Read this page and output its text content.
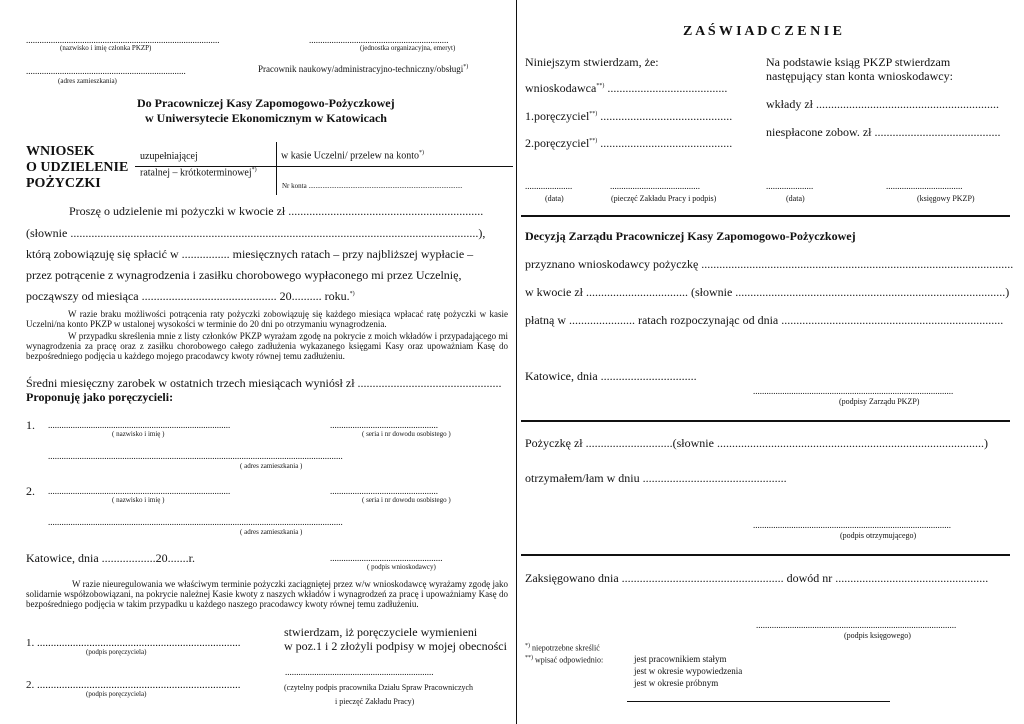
......................................................................................
(nazwisko i imię członka PKZP)
..............................................................
(jednostka organizacyjna, emeryt)
.......................................................................
(adres zamieszkania)
Pracownik naukowy/administracyjno-techniczny/obsługi*)
Do Pracowniczej Kasy Zapomogowo-Pożyczkowej
w Uniwersytecie Ekonomicznym w Katowicach
WNIOSEK
O UDZIELENIE
POŻYCZKI
uzupełniającej
ratalnej – krótkoterminowej*)
w kasie Uczelni/ przelew na konto*)
Nr konta ........................................................................................
Proszę o udzielenie mi pożyczki w kwocie zł .................................................................
(słownie ........................................................................................................................................),
którą zobowiązuję się spłacić w ................ miesięcznych ratach – przy najbliższej wypłacie –
przez potrącenie z wynagrodzenia i zasiłku chorobowego wypłaconego mi przez Uczelnię,
począwszy od miesiąca ............................................. 20.......... roku.*)
W razie braku możliwości potrącenia raty pożyczki zobowiązuję się każdego miesiąca wpłacać ratę pożyczki w kasie Uczelni/na konto PKZP w ustalonej wysokości w terminie do 20 dni po otrzymaniu wynagrodzenia.
W przypadku skreślenia mnie z listy członków PKZP wyrażam zgodę na pokrycie z moich wkładów i przypadającego mi wynagrodzenia za pracę oraz z zasiłku chorobowego całego zadłużenia wykazanego księgami Kasy oraz upoważniam Kasę do bezpośredniego podjęcia u każdego mojego pracodawcy kwoty równej temu zadłużeniu.
Średni miesięczny zarobek w ostatnich trzech miesiącach wyniósł zł ................................................
Proponuję jako poręczycieli:
1. .................................................................................
( nazwisko i imię )
................................................
( seria i nr dowodu osobistego )
...................................................................................................................................
( adres zamieszkania )
2. .................................................................................
( nazwisko i imię )
................................................
( seria i nr dowodu osobistego )
...................................................................................................................................
( adres zamieszkania )
Katowice, dnia ..................20.......r.	..................................................
( podpis wnioskodawcy)
W razie nieuregulowania we właściwym terminie pożyczki zaciągniętej przez w/w wnioskodawcę wyrażamy zgodę jako solidarnie współzobowiązani, na pokrycie należnej Kasie kwoty z naszych wkładów i wynagrodzeń za pracę i upoważniamy Kasę do bezpośredniego podjęcia w takim przypadku u każdego naszego pracodawcy kwoty równej temu zadłużeniu.
1. ..........................................................................
(podpis poręczyciela)
2. ..........................................................................
(podpis poręczyciela)
stwierdzam, iż poręczyciele wymienieni
w poz.1 i 2 złożyli podpisy w mojej obecności
..................................................................
(czytelny podpis pracownika Działu Spraw Pracowniczych
i pieczęć Zakładu Pracy)
Z A Ś W I A D C Z E N I E
Niniejszym stwierdzam, że:
wnioskodawca**) ........................................
1.poręczyciel**) ............................................
2.poręczyciel**) ............................................
Na podstawie ksiąg PKZP stwierdzam
następujący stan konta wnioskodawcy:
wkłady zł .............................................................
niespłacone zobow. zł ..........................................
.....................
(data)
........................................
(pieczęć Zakładu Pracy i podpis)
.....................
(data)
..................................
(księgowy PKZP)
Decyzją Zarządu Pracowniczej Kasy Zapomogowo-Pożyczkowej
przyznano wnioskodawcy pożyczkę ........................................................................................................
w kwocie zł .................................. (słownie ..........................................................................................)
płatną w ...................... ratach rozpoczynając od dnia ..........................................................................
Katowice, dnia ................................
.........................................................................................
(podpisy Zarządu PKZP)
Pożyczkę zł .............................(słownie .........................................................................................)
otrzymałem/łam w dniu ................................................
........................................................................................
(podpis otrzymującego)
Zaksięgowano dnia ...................................................... dowód nr ...................................................
.........................................................................................
(podpis księgowego)
*) niepotrzebne skreślić
**) wpisać odpowiednio:	jest pracownikiem stałym
jest w okresie wypowiedzenia
jest w okresie próbnym
